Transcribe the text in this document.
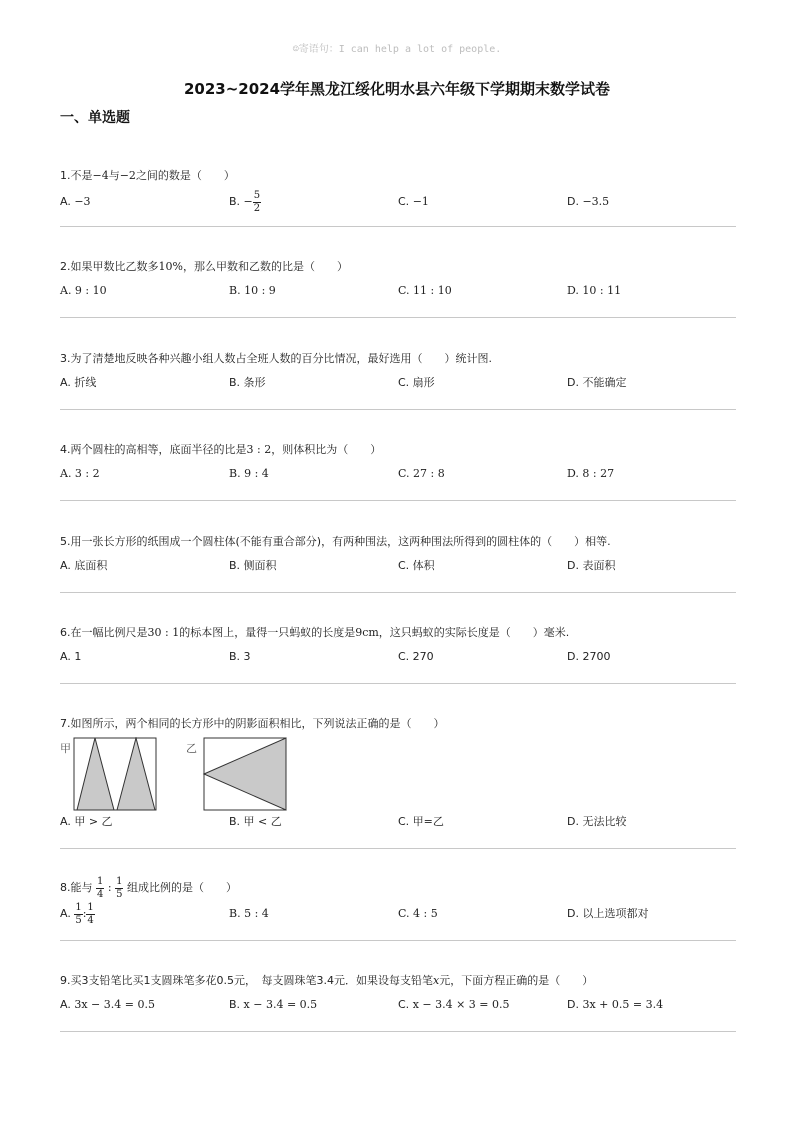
☺寄语句：I can help a lot of people.
2023~2024学年黑龙江绥化明水县六年级下学期期末数学试卷
一、单选题
1.不是−4与−2之间的数是（　　）
A. −3	B. − $\frac{5}{2}$	C. −1	D. −3.5
2.如果甲数比乙数多10%，那么甲数和乙数的比是（　　）
A. 9 : 10	B. 10 : 9	C. 11 : 10	D. 10 : 11
3.为了清楚地反映各种兴趣小组人数占全班人数的百分比情况，最好选用（　　）统计图.
A. 折线	B. 条形	C. 扇形	D. 不能确定
4.两个圆柱的高相等，底面半径的比是3 : 2，则体积比为（　　）
A. 3 : 2	B. 9 : 4	C. 27 : 8	D. 8 : 27
5.用一张长方形的纸围成一个圆柱体(不能有重合部分)，有两种围法，这两种围法所得到的圆柱体的（　　）相等.
A. 底面积	B. 侧面积	C. 体积	D. 表面积
6.在一幅比例尺是30 : 1的标本图上，量得一只蚂蚁的长度是9cm，这只蚂蚁的实际长度是（　　）毫米.
A. 1	B. 3	C. 270	D. 2700
7.如图所示，两个相同的长方形中的阴影面积相比，下列说法正确的是（　　）
甲	乙
A. 甲 > 乙	B. 甲 < 乙	C. 甲=乙	D. 无法比较
8.能与 $\frac{1}{4}$ : $\frac{1}{5}$ 组成比例的是（　　）
A. $\frac{1}{5}$ : $\frac{1}{4}$	B. 5 : 4	C. 4 : 5	D. 以上选项都对
9.买3支铅笔比买1支圆珠笔多花0.5元，　每支圆珠笔3.4元．如果设每支铅笔x元，下面方程正确的是（　　）
A. 3x − 3.4 = 0.5	B. x − 3.4 = 0.5	C. x − 3.4 × 3 = 0.5	D. 3x + 0.5 = 3.4
